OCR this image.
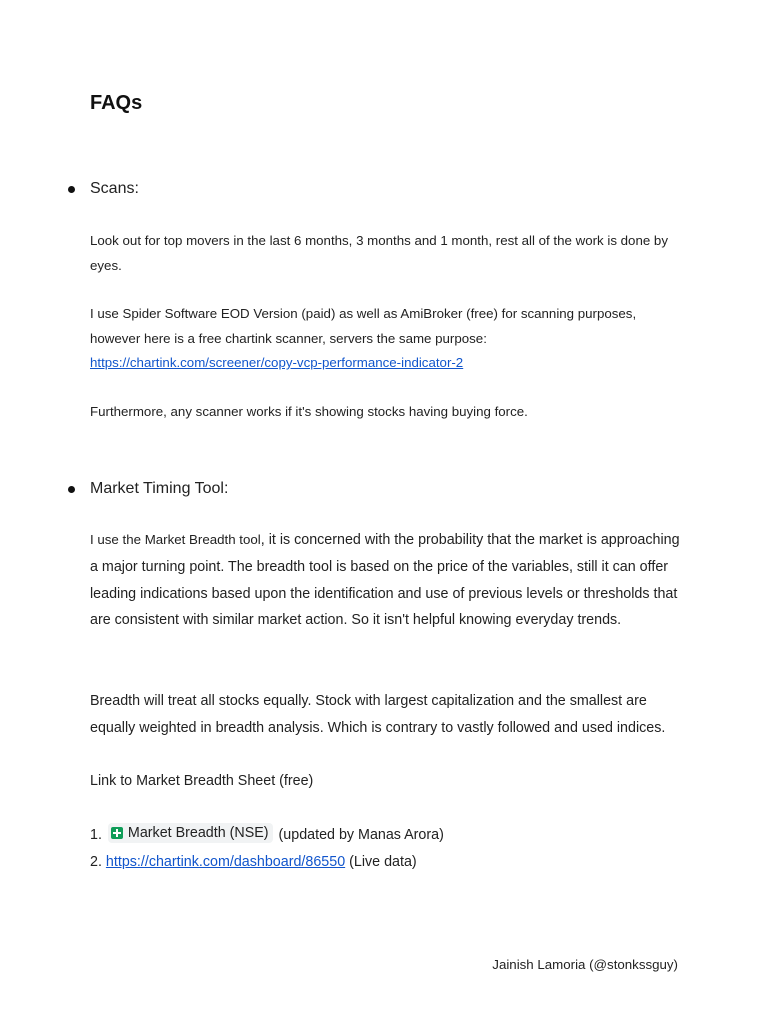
FAQs
Scans:
Look out for top movers in the last 6 months, 3 months and 1 month, rest all of the work is done by eyes.
I use Spider Software EOD Version (paid) as well as AmiBroker (free) for scanning purposes, however here is a free chartink scanner, servers the same purpose:
https://chartink.com/screener/copy-vcp-performance-indicator-2
Furthermore, any scanner works if it's showing stocks having buying force.
Market Timing Tool:
I use the Market Breadth tool, it is concerned with the probability that the market is approaching a major turning point. The breadth tool is based on the price of the variables, still it can offer leading indications based upon the identification and use of previous levels or thresholds that are consistent with similar market action. So it isn't helpful knowing everyday trends.
Breadth will treat all stocks equally. Stock with largest capitalization and the smallest are equally weighted in breadth analysis. Which is contrary to vastly followed and used indices.
Link to Market Breadth Sheet (free)
1. Market Breadth (NSE) (updated by Manas Arora)
2. https://chartink.com/dashboard/86550 (Live data)
Jainish Lamoria (@stonkssguy)
